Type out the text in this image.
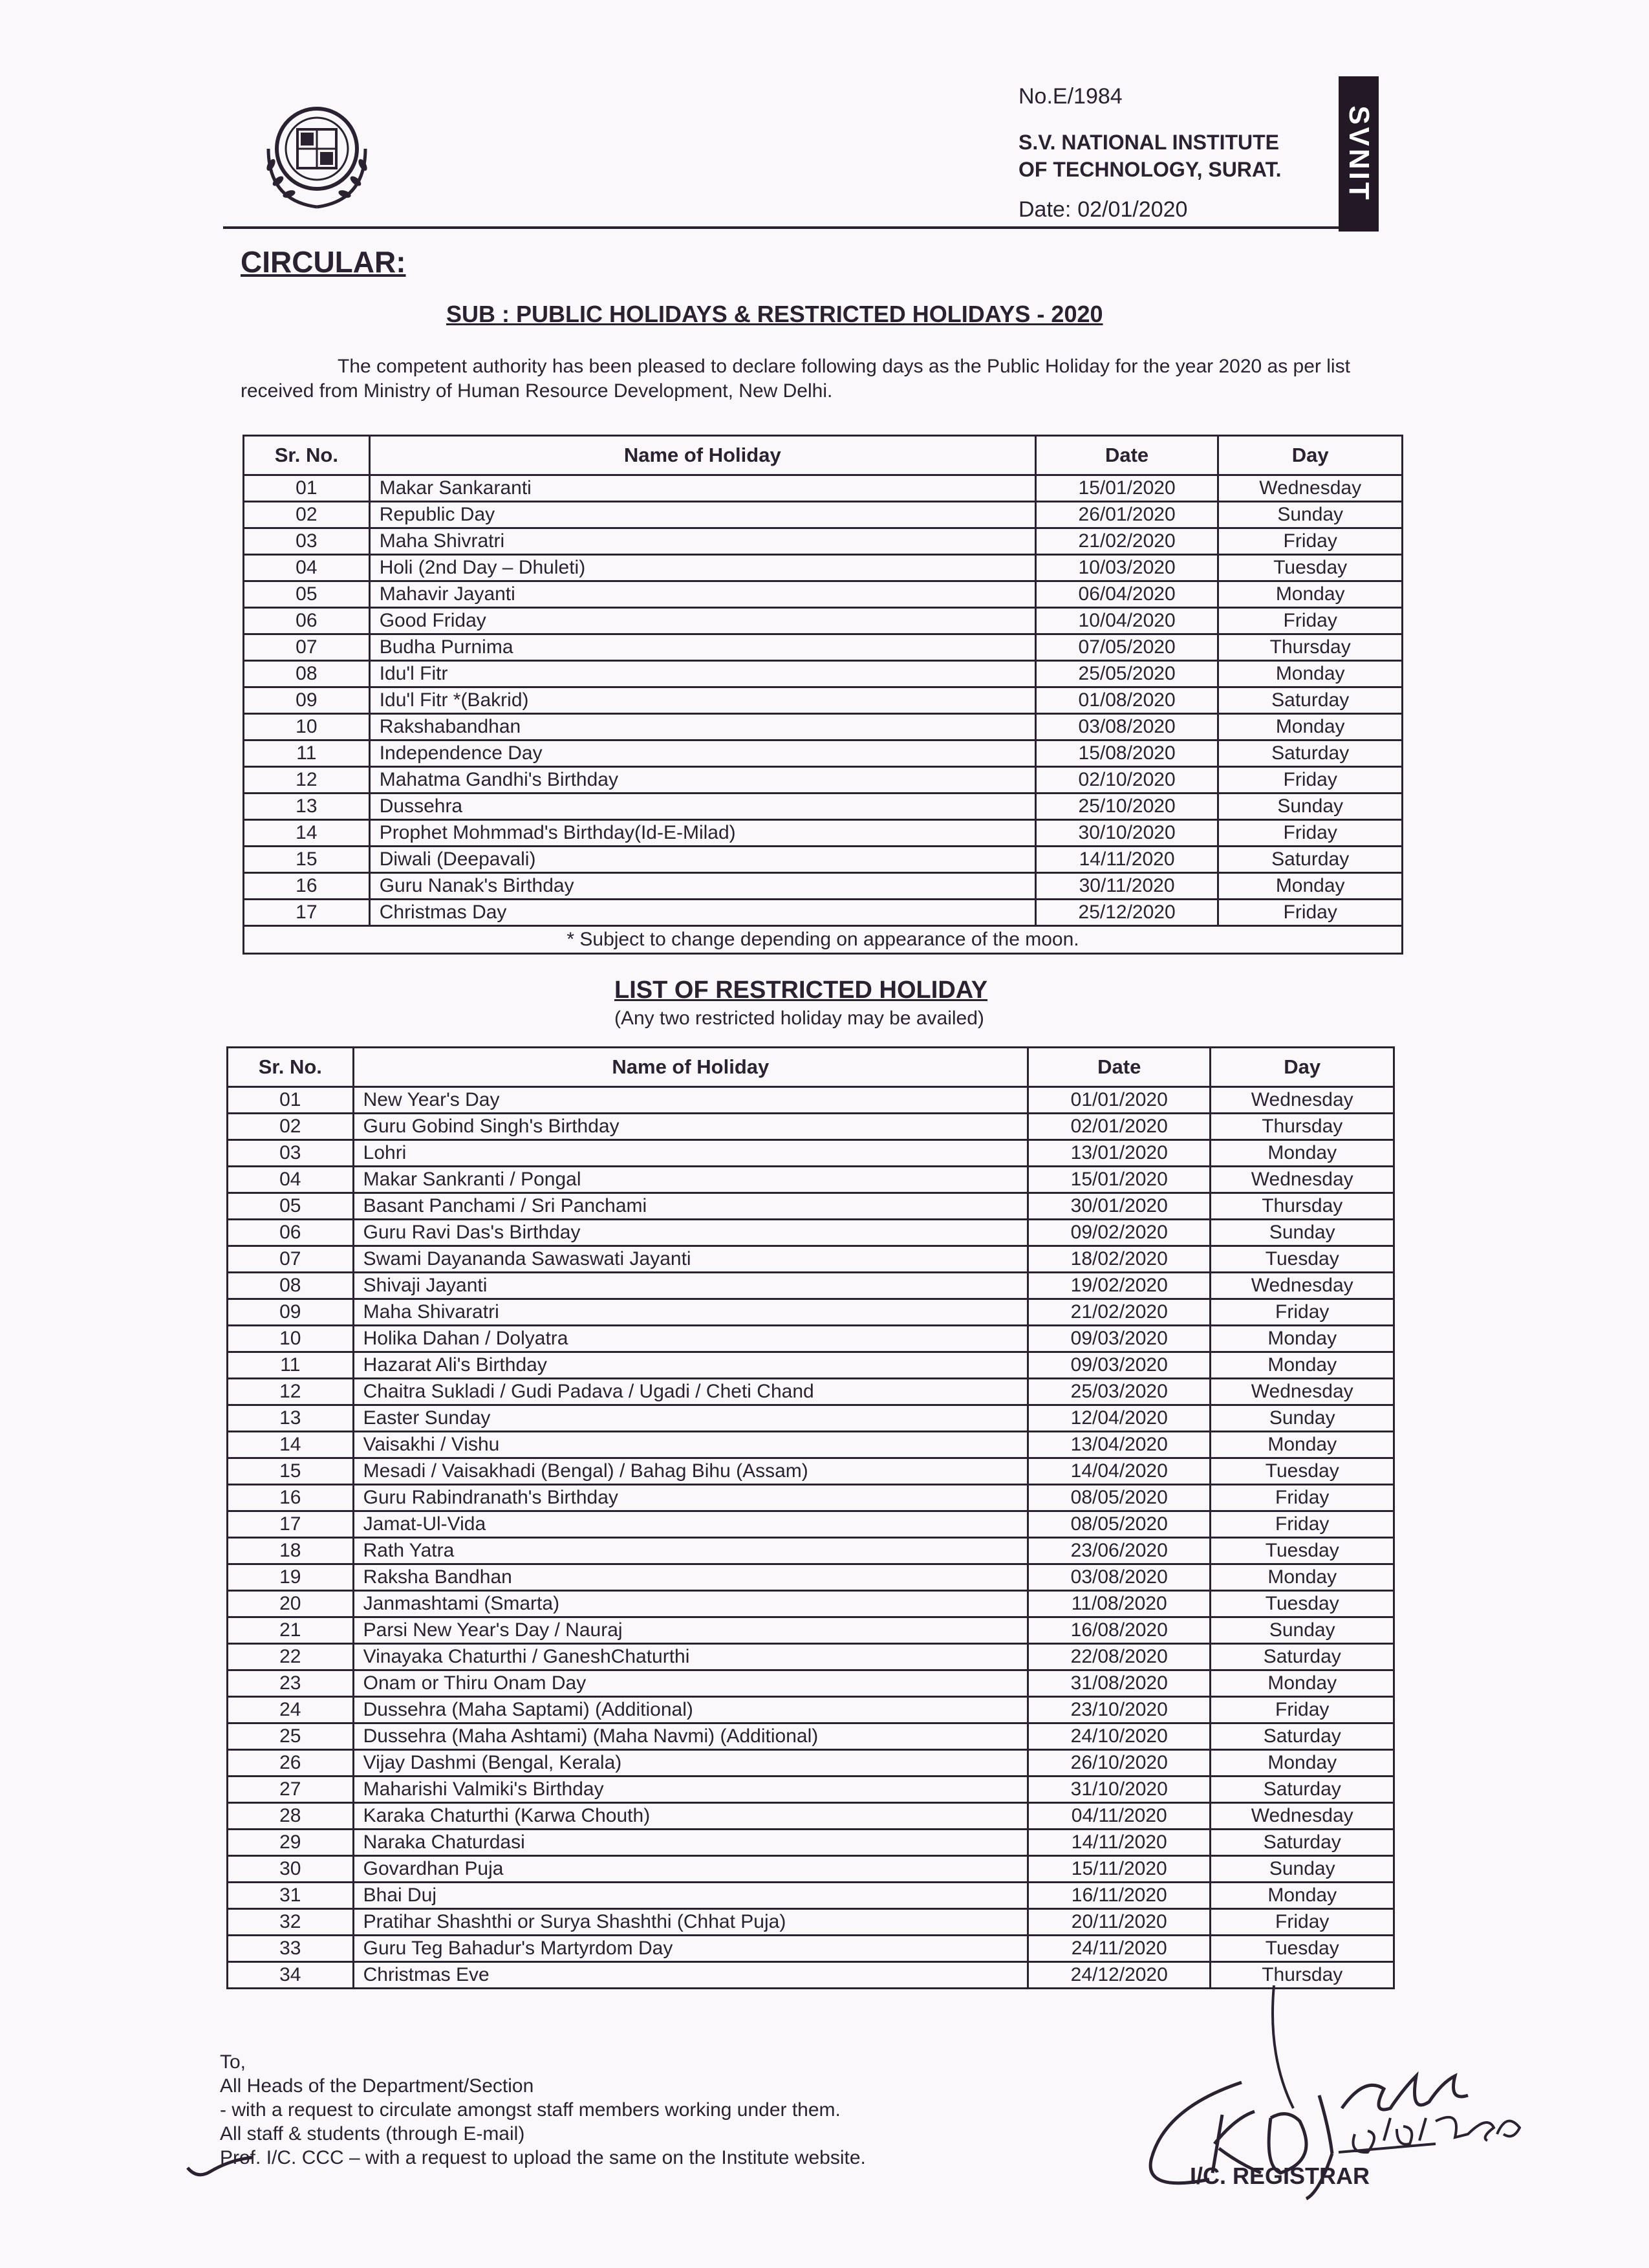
No.E/1984
S.V. NATIONAL INSTITUTE
OF TECHNOLOGY, SURAT.
Date: 02/01/2020
SVNIT
CIRCULAR:
SUB : PUBLIC HOLIDAYS & RESTRICTED HOLIDAYS - 2020
The competent authority has been pleased to declare following days as the Public Holiday for the year 2020 as per list received from Ministry of Human Resource Development, New Delhi.
Sr. No.	Name of Holiday	Date	Day
01	Makar Sankaranti	15/01/2020	Wednesday
02	Republic Day	26/01/2020	Sunday
03	Maha Shivratri	21/02/2020	Friday
04	Holi (2nd Day – Dhuleti)	10/03/2020	Tuesday
05	Mahavir Jayanti	06/04/2020	Monday
06	Good Friday	10/04/2020	Friday
07	Budha Purnima	07/05/2020	Thursday
08	Idu'l Fitr	25/05/2020	Monday
09	Idu'l Fitr *(Bakrid)	01/08/2020	Saturday
10	Rakshabandhan	03/08/2020	Monday
11	Independence Day	15/08/2020	Saturday
12	Mahatma Gandhi's Birthday	02/10/2020	Friday
13	Dussehra	25/10/2020	Sunday
14	Prophet Mohmmad's Birthday(Id-E-Milad)	30/10/2020	Friday
15	Diwali (Deepavali)	14/11/2020	Saturday
16	Guru Nanak's Birthday	30/11/2020	Monday
17	Christmas Day	25/12/2020	Friday
* Subject to change depending on appearance of the moon.			
LIST OF RESTRICTED HOLIDAY
(Any two restricted holiday may be availed)
Sr. No.	Name of Holiday	Date	Day
01	New Year's Day	01/01/2020	Wednesday
02	Guru Gobind Singh's Birthday	02/01/2020	Thursday
03	Lohri	13/01/2020	Monday
04	Makar Sankranti / Pongal	15/01/2020	Wednesday
05	Basant Panchami / Sri Panchami	30/01/2020	Thursday
06	Guru Ravi Das's Birthday	09/02/2020	Sunday
07	Swami Dayananda Sawaswati Jayanti	18/02/2020	Tuesday
08	Shivaji Jayanti	19/02/2020	Wednesday
09	Maha Shivaratri	21/02/2020	Friday
10	Holika Dahan / Dolyatra	09/03/2020	Monday
11	Hazarat Ali's Birthday	09/03/2020	Monday
12	Chaitra Sukladi / Gudi Padava / Ugadi / Cheti Chand	25/03/2020	Wednesday
13	Easter Sunday	12/04/2020	Sunday
14	Vaisakhi / Vishu	13/04/2020	Monday
15	Mesadi / Vaisakhadi (Bengal) / Bahag Bihu (Assam)	14/04/2020	Tuesday
16	Guru Rabindranath's Birthday	08/05/2020	Friday
17	Jamat-Ul-Vida	08/05/2020	Friday
18	Rath Yatra	23/06/2020	Tuesday
19	Raksha Bandhan	03/08/2020	Monday
20	Janmashtami (Smarta)	11/08/2020	Tuesday
21	Parsi New Year's Day / Nauraj	16/08/2020	Sunday
22	Vinayaka Chaturthi / GaneshChaturthi	22/08/2020	Saturday
23	Onam or Thiru Onam Day	31/08/2020	Monday
24	Dussehra (Maha Saptami) (Additional)	23/10/2020	Friday
25	Dussehra (Maha Ashtami) (Maha Navmi) (Additional)	24/10/2020	Saturday
26	Vijay Dashmi (Bengal, Kerala)	26/10/2020	Monday
27	Maharishi Valmiki's Birthday	31/10/2020	Saturday
28	Karaka Chaturthi (Karwa Chouth)	04/11/2020	Wednesday
29	Naraka Chaturdasi	14/11/2020	Saturday
30	Govardhan Puja	15/11/2020	Sunday
31	Bhai Duj	16/11/2020	Monday
32	Pratihar Shashthi or Surya Shashthi (Chhat Puja)	20/11/2020	Friday
33	Guru Teg Bahadur's Martyrdom Day	24/11/2020	Tuesday
34	Christmas Eve	24/12/2020	Thursday
To,
All Heads of the Department/Section
- with a request to circulate amongst staff members working under them.
All staff & students (through E-mail)
Prof. I/C. CCC – with a request to upload the same on the Institute website.
I/C. REGISTRAR
